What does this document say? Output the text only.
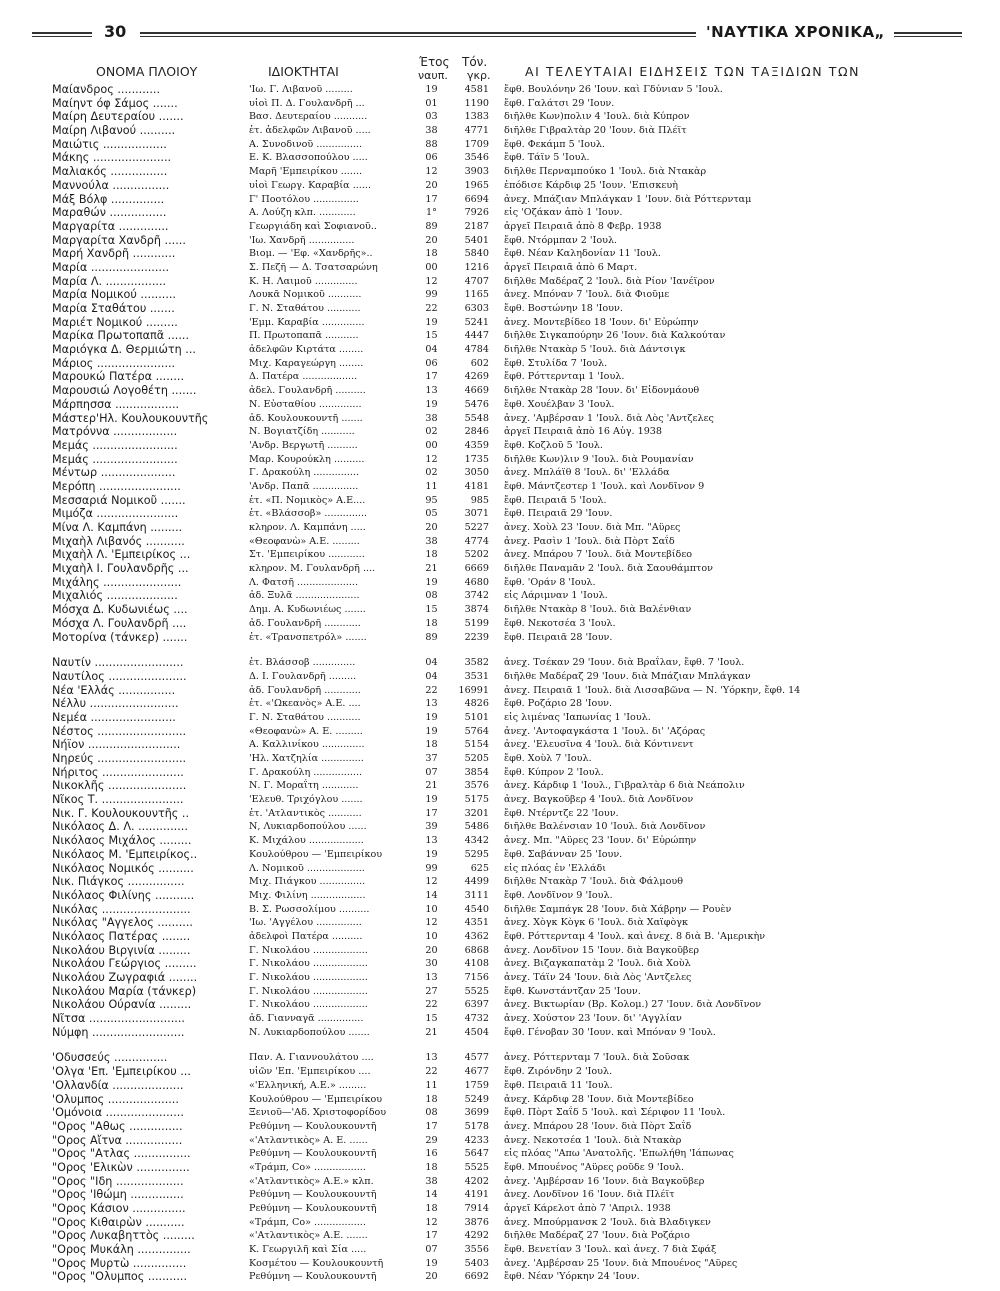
30	'ΝΑΥΤΙΚΑ ΧΡΟΝΙΚΑ„
ΟΝΟΜΑ ΠΛΟΙΟΥ	ΙΔΙΟΚΤΗΤΑΙ
Έτος
ναυπ.
Τόν.
γκρ.	ΑΙ ΤΕΛΕΥΤΑΙΑΙ ΕΙΔΗΣΕΙΣ ΤΩΝ ΤΑΞΙΔΙΩΝ ΤΩΝ
Μαίανδρος ............	'Ιω. Γ. Λιβανοῦ .........	19	4581 ἔφθ. Βουλόνην 26 'Ιουν. καὶ Γδύνιαν 5 'Ιουλ.
Μαίηντ όφ Σάμος .......	υἱοὶ Π. Δ. Γουλανδρῆ ...	01	1190 ἔφθ. Γαλάτσι 29 'Ιουν.
Μαίρη Δευτεραίου .......	Βασ. Δευτεραίου ...........	03	1383 διῆλθε Κων)πολιν 4 'Ιουλ. διὰ Κύπρον
Μαίρη Λιβανού ..........	ἐτ. ἀδελφῶν Λιβανοῦ .....	38	4771 διῆλθε Γιβραλτὰρ 20 'Ιουν. διὰ Πλέϊτ
Μαιώτις ..................	Α. Συνοδινοῦ ...............	88	1709 ἔφθ. Φεκάμπ 5 'Ιουλ.
Μάκης ......................	Ε. Κ. Βλασσοπούλου .....	06	3546 ἔφθ. Τάϊν 5 'Ιουλ.
Μαλιακός ................	Μαρῆ 'Εμπειρίκου .......	12	3903 διῆλθε Περναμπούκο 1 'Ιουλ. διὰ Ντακὰρ
Μαννούλα ................	υἱοὶ Γεωργ. Καραβία ......	20	1965 ἐπόδισε Κάρδιφ 25 'Ιουν. 'Επισκευὴ
Μάξ Βόλφ ...............	Γ' Ποοτόλου ...............	17	6694 ἀνεχ. Μπάζιαν Μπλάγκαν 1 'Ιουν. διὰ Ρόττερνταμ
Μαραθών ................	Α. Λούζη κλπ. ............	1°	7926 εἰς 'Οζάκαν ἀπὸ 1 'Ιουν.
Μαργαρίτα ..............	Γεωργιάδη καὶ Σοφιανοῦ..	89	2187 ἀργεῖ Πειραιᾶ ἀπὸ 8 Φεβρ. 1938
Μαργαρίτα Χανδρῆ ......	'Ιω. Χανδρῆ ...............	20	5401 ἔφθ. Ντόρμπαν 2 'Ιουλ.
Μαρή Χανδρῆ ............	Βιομ. — 'Εφ. «Χανδρῆς»..	18	5840 ἔφθ. Νέαν Καληδονίαν 11 'Ιουλ.
Μαρία ......................	Σ. Πεζῆ — Δ. Τσατσαρώνη	00	1216 ἀργεῖ Πειραιᾶ ἀπὸ 6 Μαρτ.
Μαρία Λ. .................	Κ. Η. Λαιμοῦ ..............	12	4707 διῆλθε Μαδέραζ 2 'Ιουλ. διὰ Ρίον 'Ιανέϊρον
Μαρία Νομικού ..........	Λουκᾶ Νομικοῦ ...........	99	1165 ἀνεχ. Μπόναν 7 'Ιουλ. διὰ Φιοῦμε
Μαρία Σταθάτου .......	Γ. Ν. Σταθάτου ...........	22	6303 ἔφθ. Βοστώνην 18 'Ιουν.
Μαριέτ Νομικού .........	'Εμμ. Καραβία ..............	19	5241 ἀνεχ. Μοντεβίδεο 18 'Ιουν. δι' Εὐρώπην
Μαρίκα Πρωτοπαπᾶ ......	Π. Πρωτοπαπᾶ ...........	15	4447 διῆλθε Σιγκαπούρην 26 'Ιουν. διὰ Καλκούταν
Μαριόγκα Δ. Θερμιώτη ...	ἀδελφῶν Κιρτάτα ........	04	4784 διῆλθε Ντακὰρ 5 'Ιουλ. διὰ Δάντσιγκ
Μάριος ......................	Μιχ. Καραγεώργη ........	06	602 ἔφθ. Στυλίδα 7 'Ιουλ.
Μαρουκώ Πατέρα ........	Δ. Πατέρα ..................	17	4269 ἔφθ. Ρόττερνταμ 1 'Ιουλ.
Μαρουσιώ Λογοθέτη .......	ἀδελ. Γουλανδρῆ ..........	13	4669 διῆλθε Ντακὰρ 28 'Ιουν. δι' Εἰδονμάουθ
Μάρπησσα ..................	Ν. Εὐσταθίου ..............	19	5476 ἔφθ. Χουέλβαν 3 'Ιουλ.
Μάστερ'Ηλ. Κουλουκουντῆς	ἀδ. Κουλουκουντῆ .......	38	5548 ἀνεχ. 'Αμβέρσαν 1 'Ιουλ. διὰ Λὸς 'Αντζελες
Ματρόννα ..................	Ν. Βογιατζίδη ...........	02	2846 ἀργεῖ Πειραιᾶ ἀπὸ 16 Αὐγ. 1938
Μεμάς ........................	'Ανδρ. Βεργωτῆ ..........	00	4359 ἔφθ. Κοζλοῦ 5 'Ιουλ.
Μεμάς ........................	Μαρ. Κουρούκλη ..........	12	1735 διῆλθε Κων)λιν 9 'Ιουλ. διὰ Ρουμανίαν
Μέντωρ .....................	Γ. Δρακούλη ...............	02	3050 ἀνεχ. Μπλάϊθ 8 'Ιουλ. δι' 'Ελλάδα
Μερόπη .......................	'Ανδρ. Παπᾶ ...............	11	4181 ἔφθ. Μάντζεστερ 1 'Ιουλ. καὶ Λονδῖνον 9
Μεσσαριά Νομικοῦ .......	ἐτ. «Π. Νομικὸς» Α.Ε....	95	985 ἔφθ. Πειραιᾶ 5 'Ιουλ.
Μιμόζα .......................	ἐτ. «Βλάσσοβ» ..............	05	3071 ἔφθ. Πειραιᾶ 29 'Ιουν.
Μίνα Λ. Καμπάνη .........	κληρον. Λ. Καμπάνη .....	20	5227 ἀνεχ. Χοὺλ 23 'Ιουν. διὰ Μπ. "Αϋρες
Μιχαὴλ Λιβανός ...........	«Θεοφανὼ» Α.Ε. .........	38	4774 ἀνεχ. Ρασὶν 1 'Ιουλ. διὰ Πὸρτ Σαΐδ
Μιχαὴλ Λ. 'Εμπειρίκος ...	Στ. 'Εμπειρίκου ............	18	5202 ἀνεχ. Μπάρου 7 'Ιουλ. διὰ Μοντεβίδεο
Μιχαὴλ Ι. Γουλανδρῆς ...	κληρον. Μ. Γουλανδρῆ ....	21	6669 διῆλθε Παναμᾶν 2 'Ιουλ. διὰ Σαουθάμπτον
Μιχάλης ......................	Λ. Φατσῆ ....................	19	4680 ἔφθ. 'Οράν 8 'Ιουλ.
Μιχαλιός ....................	ἀδ. Ξυλᾶ .....................	08	3742 εἰς Λάριμναν 1 'Ιουλ.
Μόσχα Δ. Κυδωνιέως ....	Δημ. Α. Κυδωνιέως .......	15	3874 διῆλθε Ντακὰρ 8 'Ιουλ. διὰ Βαλένθιαν
Μόσχα Λ. Γουλανδρῆ ....	ἀδ. Γουλανδρῆ ............	18	5199 ἔφθ. Νεκοτσέα 3 'Ιουλ.
Μοτορίνα (τάνκερ) .......	ἐτ. «Τρανσπετρόλ» .......	89	2239 ἔφθ. Πειραιᾶ 28 'Ιουν.
Ναυτίν .........................	ἐτ. Βλάσσοβ ..............	04	3582 ἀνεχ. Τσέκαν 29 'Ιουν. διὰ Βραΐλαν, ἔφθ. 7 'Ιουλ.
Ναυτίλος ......................	Δ. Ι. Γουλανδρῆ .........	04	3531 διῆλθε Μαδέραζ 29 'Ιουν. διὰ Μπάζιαν Μπλάγκαν
Νέα 'Ελλάς ................	ἀδ. Γουλανδρῆ ............	22	16991 ἀνεχ. Πειραιᾶ 1 'Ιουλ. διὰ Λισσαβῶνα — Ν. 'Υόρκην, ἔφθ. 14
Νέλλυ .........................	ἐτ. «'Ωκεανὸς» Α.Ε. ....	13	4826 ἔφθ. Ροζάριο 28 'Ιουν.
Νεμέα ........................	Γ. Ν. Σταθάτου ...........	19	5101 εἰς λιμένας 'Ιαπωνίας 1 'Ιουλ.
Νέστος .........................	«Θεοφανὼ» Α. Ε. .........	19	5764 ἀνεχ. 'Αντοφαγκάστα 1 'Ιουλ. δι' 'Αζόρας
Νήϊον ..........................	Α. Καλλινίκου ..............	18	5154 ἀνεχ. 'Ελευσῖνα 4 'Ιουλ. διὰ Κόντινεντ
Νηρεύς .........................	'Ηλ. Χατζηλία ..............	37	5205 ἔφθ. Χοὺλ 7 'Ιουλ.
Νήριτος .......................	Γ. Δρακούλη ................	07	3854 ἔφθ. Κύπρον 2 'Ιουλ.
Νικοκλῆς ......................	Ν. Γ. Μοραΐτη ............	21	3576 ἀνεχ. Κάρδιφ 1 'Ιουλ., Γιβραλτὰρ 6 διὰ Νεάπολιν
Νῖκος Τ. .......................	'Ελευθ. Τριχόγλου .......	19	5175 ἀνεχ. Βαγκοῦβερ 4 'Ιουλ. διὰ Λονδῖνον
Νικ. Γ. Κουλουκουντῆς ..	ἐτ. 'Ατλαντικὸς ...........	17	3201 ἔφθ. Ντέρντζε 22 'Ιουν.
Νικόλαος Δ. Λ. ..............	Ν, Λυκιαρδοπούλου ......	39	5486 διῆλθε Βαλένσιαν 10 'Ιουλ. διὰ Λονδῖνον
Νικόλαος Μιχάλος .........	Κ. Μιχάλου ..................	13	4342 ἀνεχ. Μπ. "Αϋρες 23 'Ιουν. δι' Εὐρώπην
Νικόλαος Μ. 'Εμπειρίκος..	Κουλούθρου — 'Εμπειρίκου	19	5295 ἔφθ. Σαβάνναν 25 'Ιουν.
Νικόλαος Νομικός ..........	Λ. Νομικοῦ ...................	99	625 εἰς πλόας ἐν 'Ελλάδι
Νικ. Πιάγκος ................	Μιχ. Πιάγκου ...............	12	4499 διῆλθε Ντακὰρ 7 'Ιουλ. διὰ Φάλμουθ
Νικόλαος Φιλίνης ...........	Μιχ. Φιλίνη ..................	14	3111 ἔφθ. Λονδῖνον 9 'Ιουλ.
Νικόλας .........................	Β. Σ. Ρωσσολίμου ..........	10	4540 διῆλθε Σαμπάγκ 28 'Ιουν. διὰ Χάβρην — Ρουὲν
Νικόλας "Αγγελος ..........	'Ιω. 'Αγγέλου ...............	12	4351 ἀνεχ. Χὸγκ Κὸγκ 6 'Ιουλ. διὰ Χαϊφὸγκ
Νικόλαος Πατέρας ........	ἀδελφοὶ Πατέρα ..........	10	4362 ἔφθ. Ρόττερνταμ 4 'Ιουλ. καὶ ἀνεχ. 8 διὰ Β. 'Αμερικὴν
Νικολάου Βιργινία .........	Γ. Νικολάου ..................	20	6868 ἀνεχ. Λονδῖνον 15 'Ιουν. διὰ Βαγκοῦβερ
Νικολάου Γεώργιος .........	Γ. Νικολάου ..................	30	4108 ἀνεχ. Βιζαγκαπατὰμ 2 'Ιουλ. διὰ Χοὺλ
Νικολάου Ζωγραφιά ........	Γ. Νικολάου ..................	13	7156 ἀνεχ. Τάϊν 24 'Ιουν. διὰ Λὸς 'Αντζελες
Νικολάου Μαρία (τάνκερ)	Γ. Νικολάου ..................	27	5525 ἔφθ. Κωνστάντζαν 25 'Ιουν.
Νικολάου Ούρανία .........	Γ. Νικολάου ..................	22	6397 ἀνεχ. Βικτωρίαν (Βρ. Κολομ.) 27 'Ιουν. διὰ Λονδῖνον
Νῖτσα ...........................	ἀδ. Γιανναγᾶ ...............	15	4732 ἀνεχ. Χούστον 23 'Ιουν. δι' 'Αγγλίαν
Νύμφη ..........................	Ν. Λυκιαρδοπούλου .......	21	4504 ἔφθ. Γένοβαν 30 'Ιουν. καὶ Μπόναν 9 'Ιουλ.
'Οδυσσεύς ...............	Παν. Α. Γιαννουλάτου ....	13	4577 ἀνεχ. Ρόττερνταμ 7 'Ιουλ. διὰ Σοῦσακ
'Ολγα 'Επ. 'Εμπειρίκου ...	υἱῶν 'Επ. 'Εμπειρίκου ....	22	4677 ἔφθ. Ζιρόνδην 2 'Ιουλ.
'Ολλανδία ....................	«'Ελληνική, Α.Ε.» .........	11	1759 ἔφθ. Πειραιᾶ 11 'Ιουλ.
'Ολυμπος ....................	Κουλούθρου — 'Εμπειρίκου	18	5249 ἀνεχ. Κάρδιφ 28 'Ιουν. διὰ Μοντεβίδεο
'Ομόνοια ......................	Ξενιοῦ—'Αδ. Χριστοφορίδου	08	3699 ἔφθ. Πὸρτ Σαΐδ 5 'Ιουλ. καὶ Σέριφον 11 'Ιουλ.
"Ορος "Αθως ...............	Ρεθύμνη — Κουλουκουντῆ	17	5178 ἀνεχ. Μπάρου 28 'Ιουν. διὰ Πὸρτ Σαΐδ
"Ορος Αἴτνα ................	«'Ατλαντικὸς» Α. Ε. ......	29	4233 ἀνεχ. Νεκοτσέα 1 'Ιουλ. διὰ Ντακὰρ
"Ορος "Ατλας ................	Ρεθύμνη — Κουλουκουντῆ	16	5647 εἰς πλόας "Απω 'Ανατολῆς. 'Επωλήθη 'Ιάπωνας
"Ορος 'Ελικὼν ...............	«Τράμπ, Co» .................	18	5525 ἔφθ. Μπουένος "Αϋρες ροῦδε 9 'Ιουλ.
"Ορος "Ιδη ...................	«'Ατλαντικὸς» Α.Ε.» κλπ.	38	4202 ἀνεχ. 'Αμβέρσαν 16 'Ιουν. διὰ Βαγκοῦβερ
"Ορος 'Ιθώμη ...............	Ρεθύμνη — Κουλουκουντῆ	14	4191 ἀνεχ. Λονδῖνον 16 'Ιουν. διὰ Πλέϊτ
"Ορος Κάσιον ...............	Ρεθύμνη — Κουλουκουντῆ	18	7914 ἀργεῖ Κάρελοτ ἀπὸ 7 'Απριλ. 1938
"Ορος Κιθαιρὼν ...........	«Τράμπ, Co» .................	12	3876 ἀνεχ. Μπούρμανσκ 2 'Ιουλ. διὰ Βλαδιγκεν
"Ορος Λυκαβηττὸς .........	«'Ατλαντικὸς» Α.Ε. .......	17	4292 διῆλθε Μαδέραζ 27 'Ιουν. διὰ Ροζάριο
"Ορος Μυκάλη ...............	Κ. Γεωργιλῆ καὶ Σία .....	07	3556 ἔφθ. Βενετίαν 3 'Ιουλ. καὶ ἀνεχ. 7 διὰ Σφάξ
"Ορος Μυρτὼ ...............	Κοσμέτου — Κουλουκουντῆ	19	5403 ἀνεχ. 'Αμβέρσαν 25 'Ιουν. διὰ Μπουένος "Αϋρες
"Ορος "Ολυμπος ...........	Ρεθύμνη — Κουλουκουντῆ	20	6692 ἔφθ. Νέαν 'Υόρκην 24 'Ιουν.
